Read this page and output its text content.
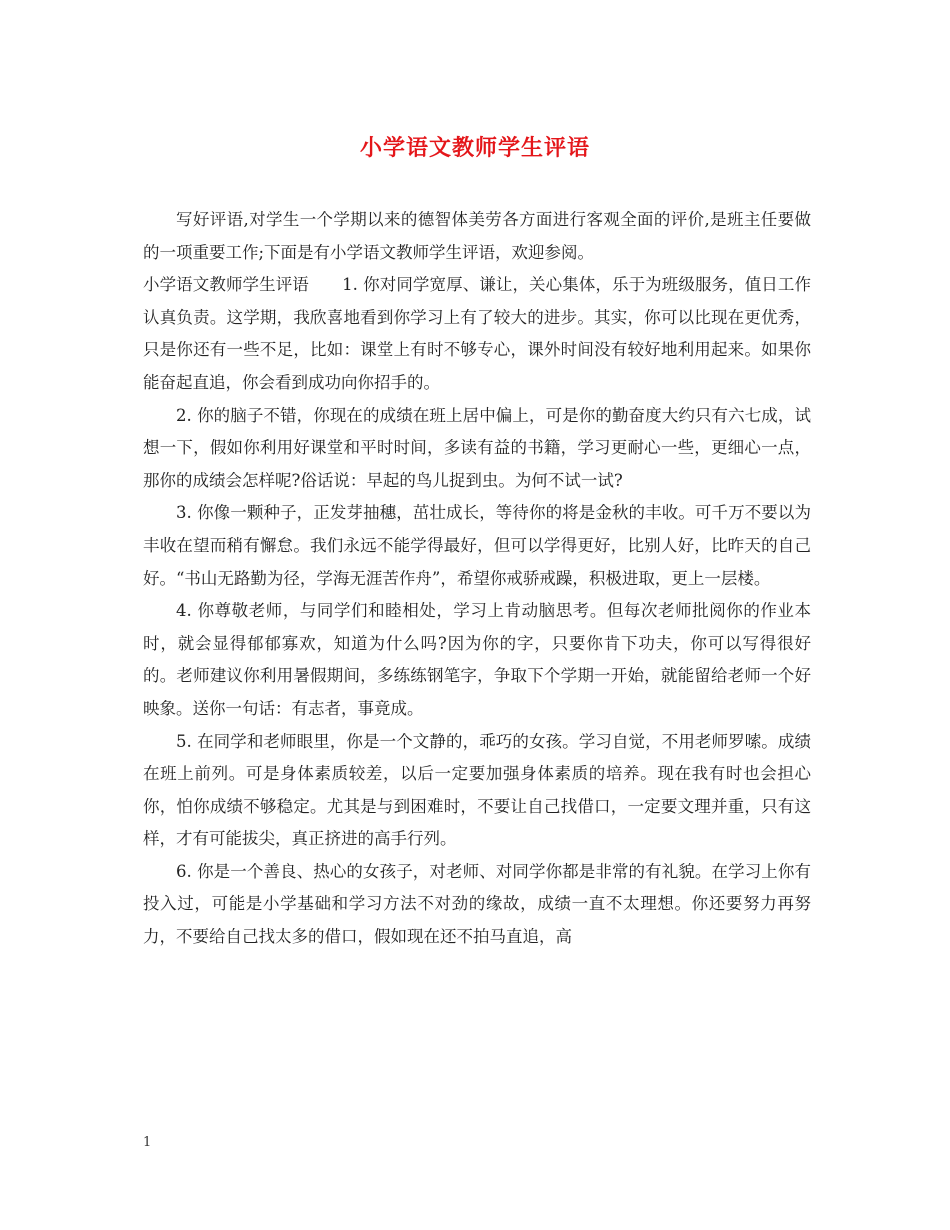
小学语文教师学生评语

写好评语,对学生一个学期以来的德智体美劳各方面进行客观全面的评价,是班主任要做的一项重要工作;下面是有小学语文教师学生评语，欢迎参阅。

小学语文教师学生评语　　1. 你对同学宽厚、谦让，关心集体，乐于为班级服务，值日工作认真负责。这学期，我欣喜地看到你学习上有了较大的进步。其实，你可以比现在更优秀，只是你还有一些不足，比如：课堂上有时不够专心，课外时间没有较好地利用起来。如果你能奋起直追，你会看到成功向你招手的。

2. 你的脑子不错，你现在的成绩在班上居中偏上，可是你的勤奋度大约只有六七成，试想一下，假如你利用好课堂和平时时间，多读有益的书籍，学习更耐心一些，更细心一点，那你的成绩会怎样呢?俗话说：早起的鸟儿捉到虫。为何不试一试?

3. 你像一颗种子，正发芽抽穗，茁壮成长，等待你的将是金秋的丰收。可千万不要以为丰收在望而稍有懈怠。我们永远不能学得最好，但可以学得更好，比别人好，比昨天的自己好。“书山无路勤为径，学海无涯苦作舟”，希望你戒骄戒躁，积极进取，更上一层楼。

4. 你尊敬老师，与同学们和睦相处，学习上肯动脑思考。但每次老师批阅你的作业本时，就会显得郁郁寡欢，知道为什么吗?因为你的字，只要你肯下功夫，你可以写得很好的。老师建议你利用暑假期间，多练练钢笔字，争取下个学期一开始，就能留给老师一个好映象。送你一句话：有志者，事竟成。

5. 在同学和老师眼里，你是一个文静的，乖巧的女孩。学习自觉，不用老师罗嗦。成绩在班上前列。可是身体素质较差，以后一定要加强身体素质的培养。现在我有时也会担心你，怕你成绩不够稳定。尤其是与到困难时，不要让自己找借口，一定要文理并重，只有这样，才有可能拔尖，真正挤进的高手行列。

6. 你是一个善良、热心的女孩子，对老师、对同学你都是非常的有礼貌。在学习上你有投入过，可能是小学基础和学习方法不对劲的缘故，成绩一直不太理想。你还要努力再努力，不要给自己找太多的借口，假如现在还不拍马直追，高

1
